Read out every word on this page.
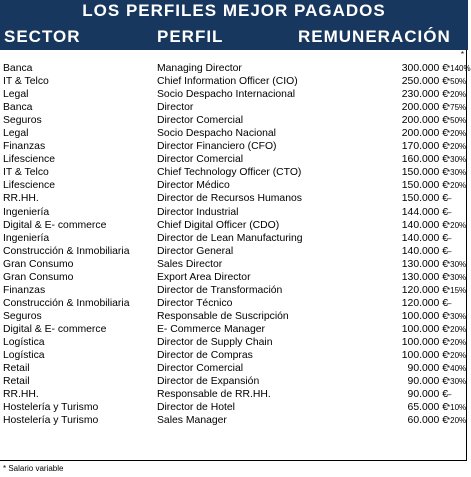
LOS PERFILES MEJOR PAGADOS
SECTOR	PERFIL	REMUNERACIÓN
*
Banca	Managing Director	300.000 € *140%
IT & Telco	Chief Information Officer (CIO)	250.000 € *50%
Legal	Socio Despacho Internacional	230.000 € *20%
Banca	Director	200.000 € *75%
Seguros	Director Comercial	200.000 € *50%
Legal	Socio Despacho Nacional	200.000 € *20%
Finanzas	Director Financiero (CFO)	170.000 € *20%
Lifescience	Director Comercial	160.000 € *30%
IT & Telco	Chief Technology Officer (CTO)	150.000 € *30%
Lifescience	Director Médico	150.000 € *20%
RR.HH.	Director de Recursos Humanos	150.000 € –
Ingeniería	Director Industrial	144.000 € –
Digital & E- commerce	Chief Digital Officer (CDO)	140.000 € *20%
Ingeniería	Director de Lean Manufacturing	140.000 € –
Construcción & Inmobiliaria	Director General	140.000 € –
Gran Consumo	Sales Director	130.000 € *30%
Gran Consumo	Export Area Director	130.000 € *30%
Finanzas	Director de Transformación	120.000 € *15%
Construcción & Inmobiliaria	Director Técnico	120.000 € –
Seguros	Responsable de Suscripción	100.000 € *30%
Digital & E- commerce	E- Commerce Manager	100.000 € *20%
Logística	Director de Supply Chain	100.000 € *20%
Logística	Director de Compras	100.000 € *20%
Retail	Director Comercial	90.000 € *40%
Retail	Director de Expansión	90.000 € *30%
RR.HH.	Responsable de RR.HH.	90.000 € –
Hostelería y Turismo	Director de Hotel	65.000 € *10%
Hostelería y Turismo	Sales Manager	60.000 € *20%
* Salario variable
